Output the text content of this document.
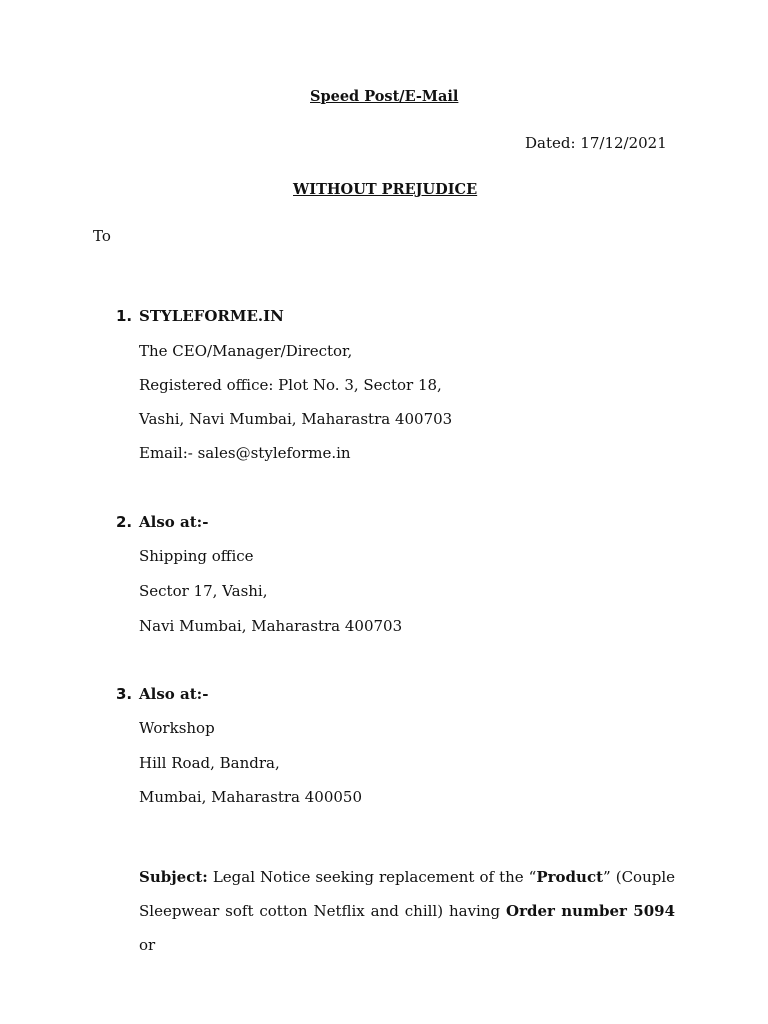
Speed Post/E-Mail
Dated: 17/12/2021
WITHOUT PREJUDICE
To
1. STYLEFORME.IN
The CEO/Manager/Director,
Registered office: Plot No. 3, Sector 18,
Vashi, Navi Mumbai, Maharastra 400703
Email:- sales@styleforme.in
2. Also at:-
Shipping office
Sector 17, Vashi,
Navi Mumbai, Maharastra 400703
3. Also at:-
Workshop
Hill Road, Bandra,
Mumbai, Maharastra 400050
Subject: Legal Notice seeking replacement of the “Product” (Couple
Sleepwear soft cotton Netflix and chill) having Order number 5094 or
